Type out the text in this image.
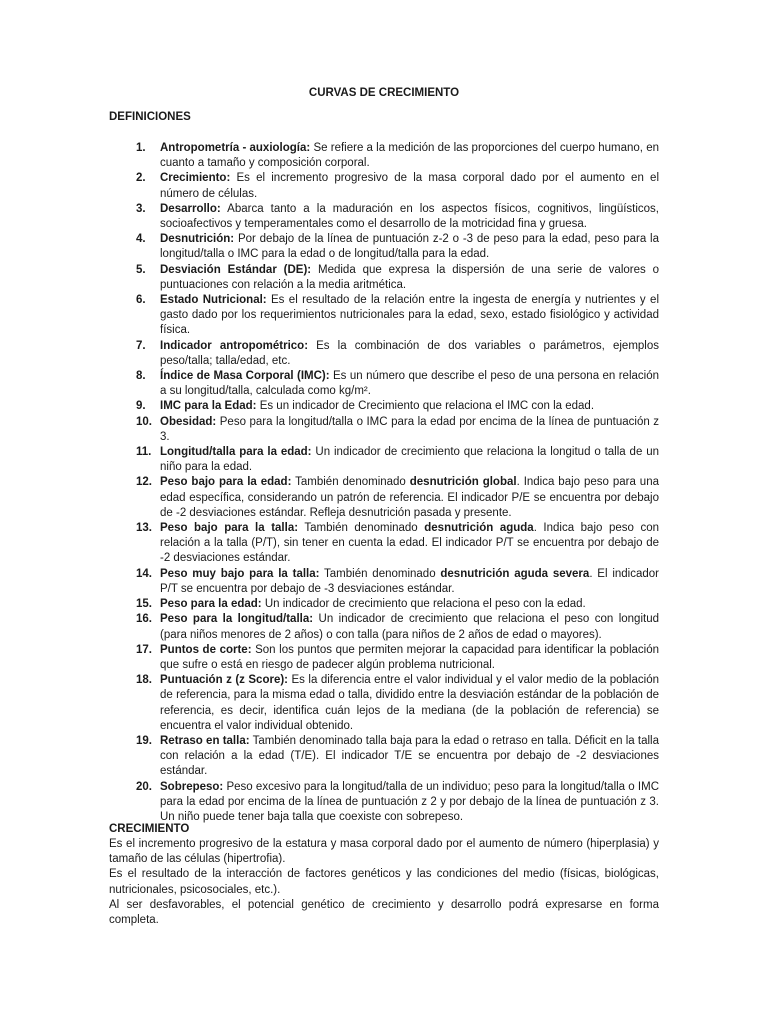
CURVAS DE CRECIMIENTO
DEFINICIONES
1. Antropometría - auxiología: Se refiere a la medición de las proporciones del cuerpo humano, en cuanto a tamaño y composición corporal.
2. Crecimiento: Es el incremento progresivo de la masa corporal dado por el aumento en el número de células.
3. Desarrollo: Abarca tanto a la maduración en los aspectos físicos, cognitivos, lingüísticos, socioafectivos y temperamentales como el desarrollo de la motricidad fina y gruesa.
4. Desnutrición: Por debajo de la línea de puntuación z-2 o -3 de peso para la edad, peso para la longitud/talla o IMC para la edad o de longitud/talla para la edad.
5. Desviación Estándar (DE): Medida que expresa la dispersión de una serie de valores o puntuaciones con relación a la media aritmética.
6. Estado Nutricional: Es el resultado de la relación entre la ingesta de energía y nutrientes y el gasto dado por los requerimientos nutricionales para la edad, sexo, estado fisiológico y actividad física.
7. Indicador antropométrico: Es la combinación de dos variables o parámetros, ejemplos peso/talla; talla/edad, etc.
8. Índice de Masa Corporal (IMC): Es un número que describe el peso de una persona en relación a su longitud/talla, calculada como kg/m².
9. IMC para la Edad: Es un indicador de Crecimiento que relaciona el IMC con la edad.
10. Obesidad: Peso para la longitud/talla o IMC para la edad por encima de la línea de puntuación z 3.
11. Longitud/talla para la edad: Un indicador de crecimiento que relaciona la longitud o talla de un niño para la edad.
12. Peso bajo para la edad: También denominado desnutrición global. Indica bajo peso para una edad específica, considerando un patrón de referencia. El indicador P/E se encuentra por debajo de -2 desviaciones estándar. Refleja desnutrición pasada y presente.
13. Peso bajo para la talla: También denominado desnutrición aguda. Indica bajo peso con relación a la talla (P/T), sin tener en cuenta la edad. El indicador P/T se encuentra por debajo de -2 desviaciones estándar.
14. Peso muy bajo para la talla: También denominado desnutrición aguda severa. El indicador P/T se encuentra por debajo de -3 desviaciones estándar.
15. Peso para la edad: Un indicador de crecimiento que relaciona el peso con la edad.
16. Peso para la longitud/talla: Un indicador de crecimiento que relaciona el peso con longitud (para niños menores de 2 años) o con talla (para niños de 2 años de edad o mayores).
17. Puntos de corte: Son los puntos que permiten mejorar la capacidad para identificar la población que sufre o está en riesgo de padecer algún problema nutricional.
18. Puntuación z (z Score): Es la diferencia entre el valor individual y el valor medio de la población de referencia, para la misma edad o talla, dividido entre la desviación estándar de la población de referencia, es decir, identifica cuán lejos de la mediana (de la población de referencia) se encuentra el valor individual obtenido.
19. Retraso en talla: También denominado talla baja para la edad o retraso en talla. Déficit en la talla con relación a la edad (T/E). El indicador T/E se encuentra por debajo de -2 desviaciones estándar.
20. Sobrepeso: Peso excesivo para la longitud/talla de un individuo; peso para la longitud/talla o IMC para la edad por encima de la línea de puntuación z 2 y por debajo de la línea de puntuación z 3. Un niño puede tener baja talla que coexiste con sobrepeso.
CRECIMIENTO

Es el incremento progresivo de la estatura y masa corporal dado por el aumento de número (hiperplasia) y tamaño de las células (hipertrofia).

Es el resultado de la interacción de factores genéticos y las condiciones del medio (físicas, biológicas, nutricionales, psicosociales, etc.).

Al ser desfavorables, el potencial genético de crecimiento y desarrollo podrá expresarse en forma completa.
